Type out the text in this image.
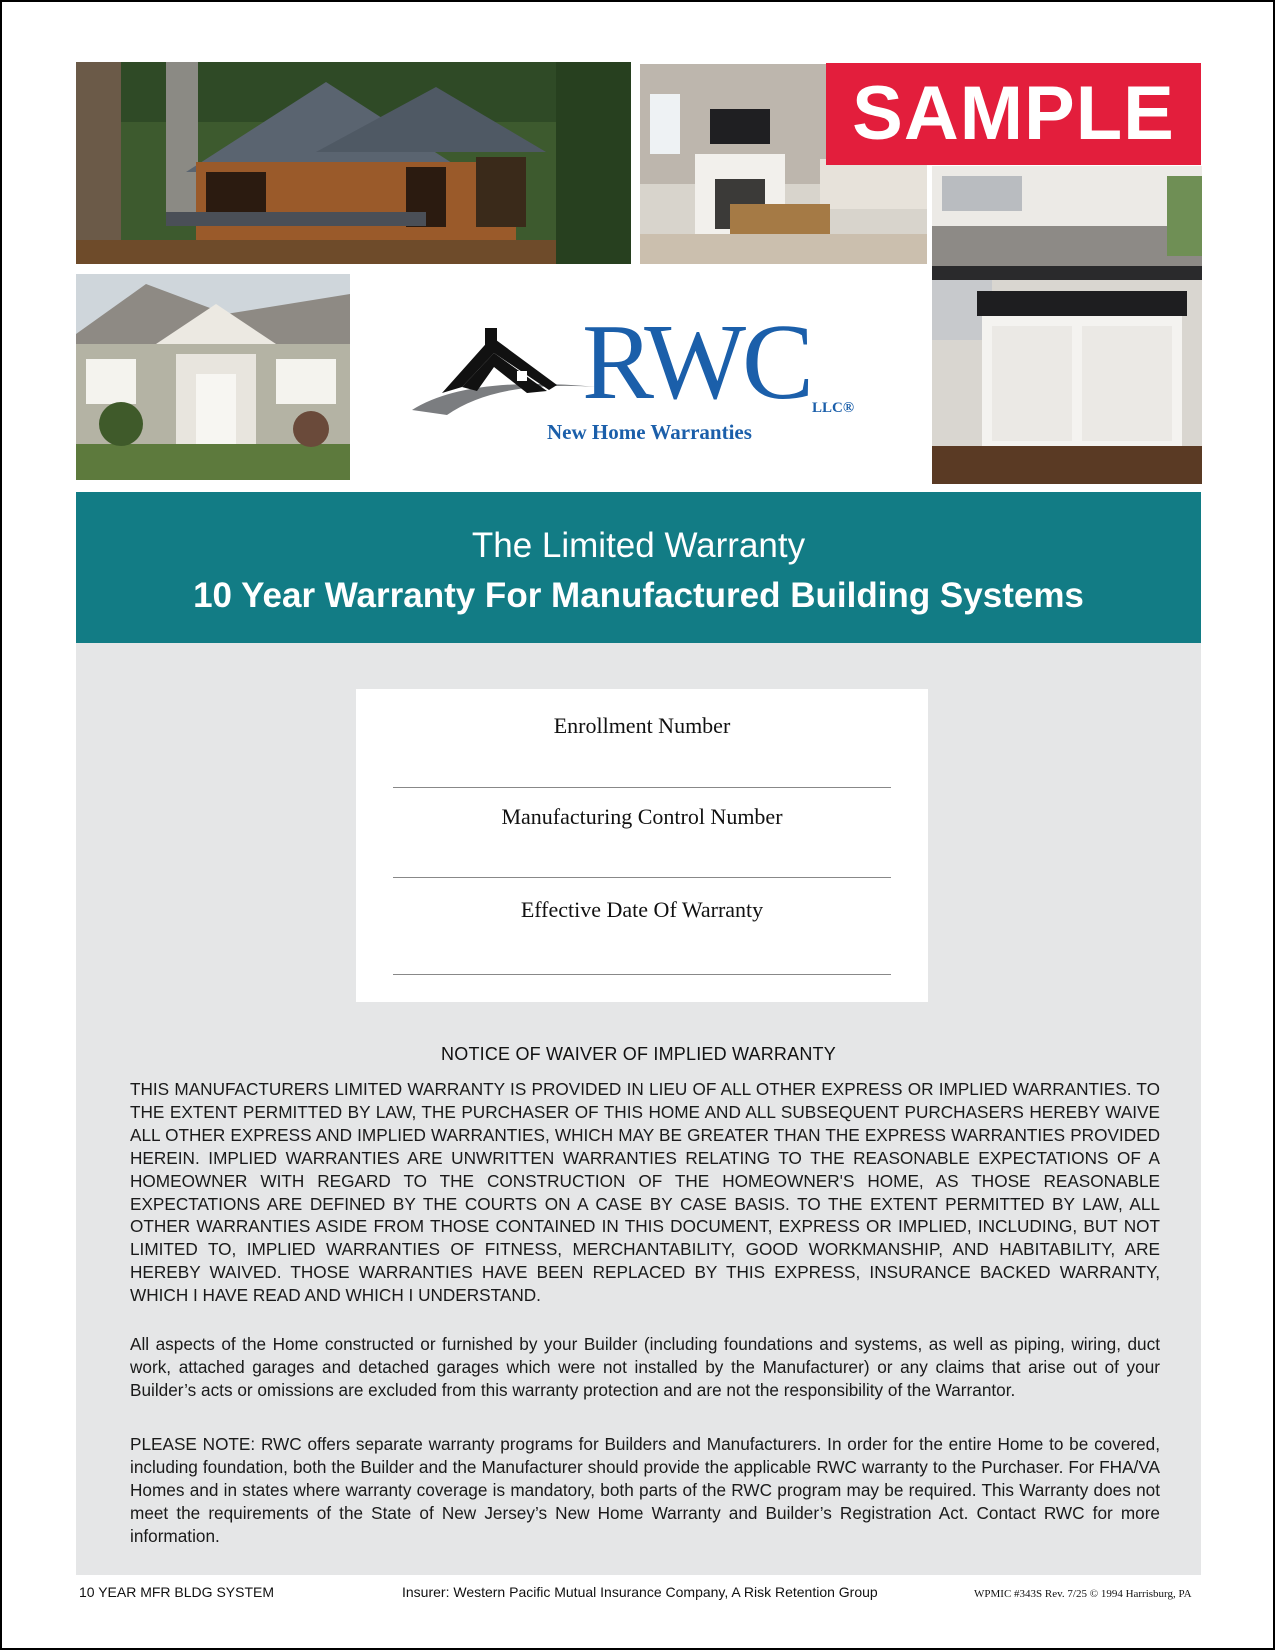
SAMPLE
RWC LLC®
New Home Warranties
The Limited Warranty
10 Year Warranty For Manufactured Building Systems
Enrollment Number
Manufacturing Control Number
Effective Date Of Warranty
NOTICE OF WAIVER OF IMPLIED WARRANTY
THIS MANUFACTURERS LIMITED WARRANTY IS PROVIDED IN LIEU OF ALL OTHER EXPRESS OR IMPLIED WARRANTIES. TO THE EXTENT PERMITTED BY LAW, THE PURCHASER OF THIS HOME AND ALL SUBSEQUENT PURCHASERS HEREBY WAIVE ALL OTHER EXPRESS AND IMPLIED WARRANTIES, WHICH MAY BE GREATER THAN THE EXPRESS WARRANTIES PROVIDED HEREIN. IMPLIED WARRANTIES ARE UNWRITTEN WARRANTIES RELATING TO THE REASONABLE EXPECTATIONS OF A HOMEOWNER WITH REGARD TO THE CONSTRUCTION OF THE HOMEOWNER'S HOME, AS THOSE REASONABLE EXPECTATIONS ARE DEFINED BY THE COURTS ON A CASE BY CASE BASIS. TO THE EXTENT PERMITTED BY LAW, ALL OTHER WARRANTIES ASIDE FROM THOSE CONTAINED IN THIS DOCUMENT, EXPRESS OR IMPLIED, INCLUDING, BUT NOT LIMITED TO, IMPLIED WARRANTIES OF FITNESS, MERCHANTABILITY, GOOD WORKMANSHIP, AND HABITABILITY, ARE HEREBY WAIVED. THOSE WARRANTIES HAVE BEEN REPLACED BY THIS EXPRESS, INSURANCE BACKED WARRANTY, WHICH I HAVE READ AND WHICH I UNDERSTAND.
All aspects of the Home constructed or furnished by your Builder (including foundations and systems, as well as piping, wiring, duct work, attached garages and detached garages which were not installed by the Manufacturer) or any claims that arise out of your Builder’s acts or omissions are excluded from this warranty protection and are not the responsibility of the Warrantor.
PLEASE NOTE: RWC offers separate warranty programs for Builders and Manufacturers. In order for the entire Home to be covered, including foundation, both the Builder and the Manufacturer should provide the applicable RWC warranty to the Purchaser. For FHA/VA Homes and in states where warranty coverage is mandatory, both parts of the RWC program may be required. This Warranty does not meet the requirements of the State of New Jersey’s New Home Warranty and Builder’s Registration Act. Contact RWC for more information.
10 YEAR MFR BLDG SYSTEM	Insurer: Western Pacific Mutual Insurance Company, A Risk Retention Group	WPMIC #343S Rev. 7/25 © 1994 Harrisburg, PA
